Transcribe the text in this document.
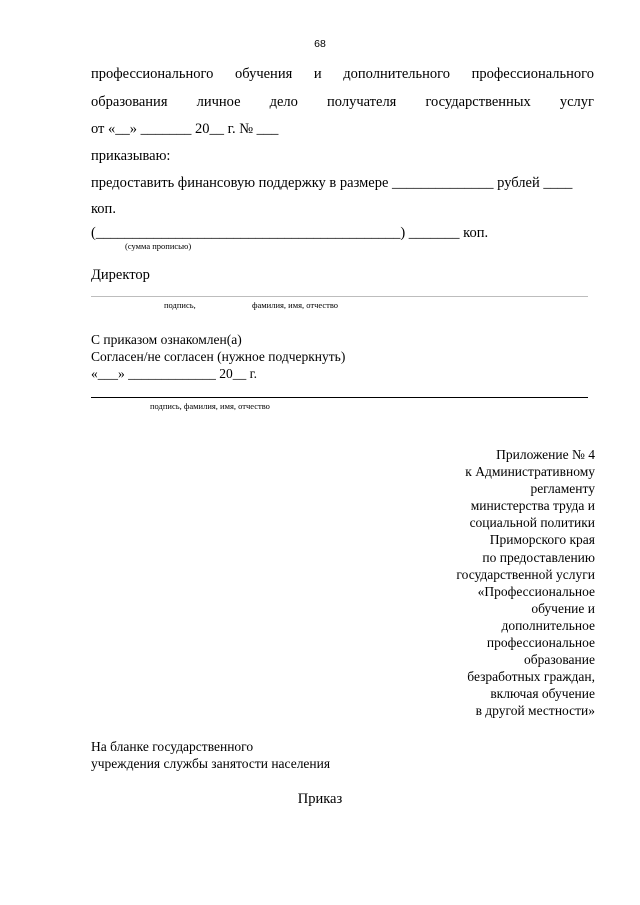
68
профессионального обучения и дополнительного профессионального
образования личное дело получателя государственных услуг
от «__» _______ 20__ г. № ___
приказываю:
предоставить финансовую поддержку в размере ______________ рублей ____
коп.
(__________________________________________) _______ коп.
(сумма прописью)
Директор
подпись,	фамилия, имя, отчество
С приказом ознакомлен(а)
Согласен/не согласен (нужное подчеркнуть)
«___» _____________ 20__ г.
подпись, фамилия, имя, отчество
Приложение № 4
к Административному
регламенту
министерства труда и
социальной политики
Приморского края
по предоставлению
государственной услуги
«Профессиональное
обучение и
дополнительное
профессиональное
образование
безработных граждан,
включая обучение
в другой местности»
На бланке государственного
учреждения службы занятости населения
Приказ
